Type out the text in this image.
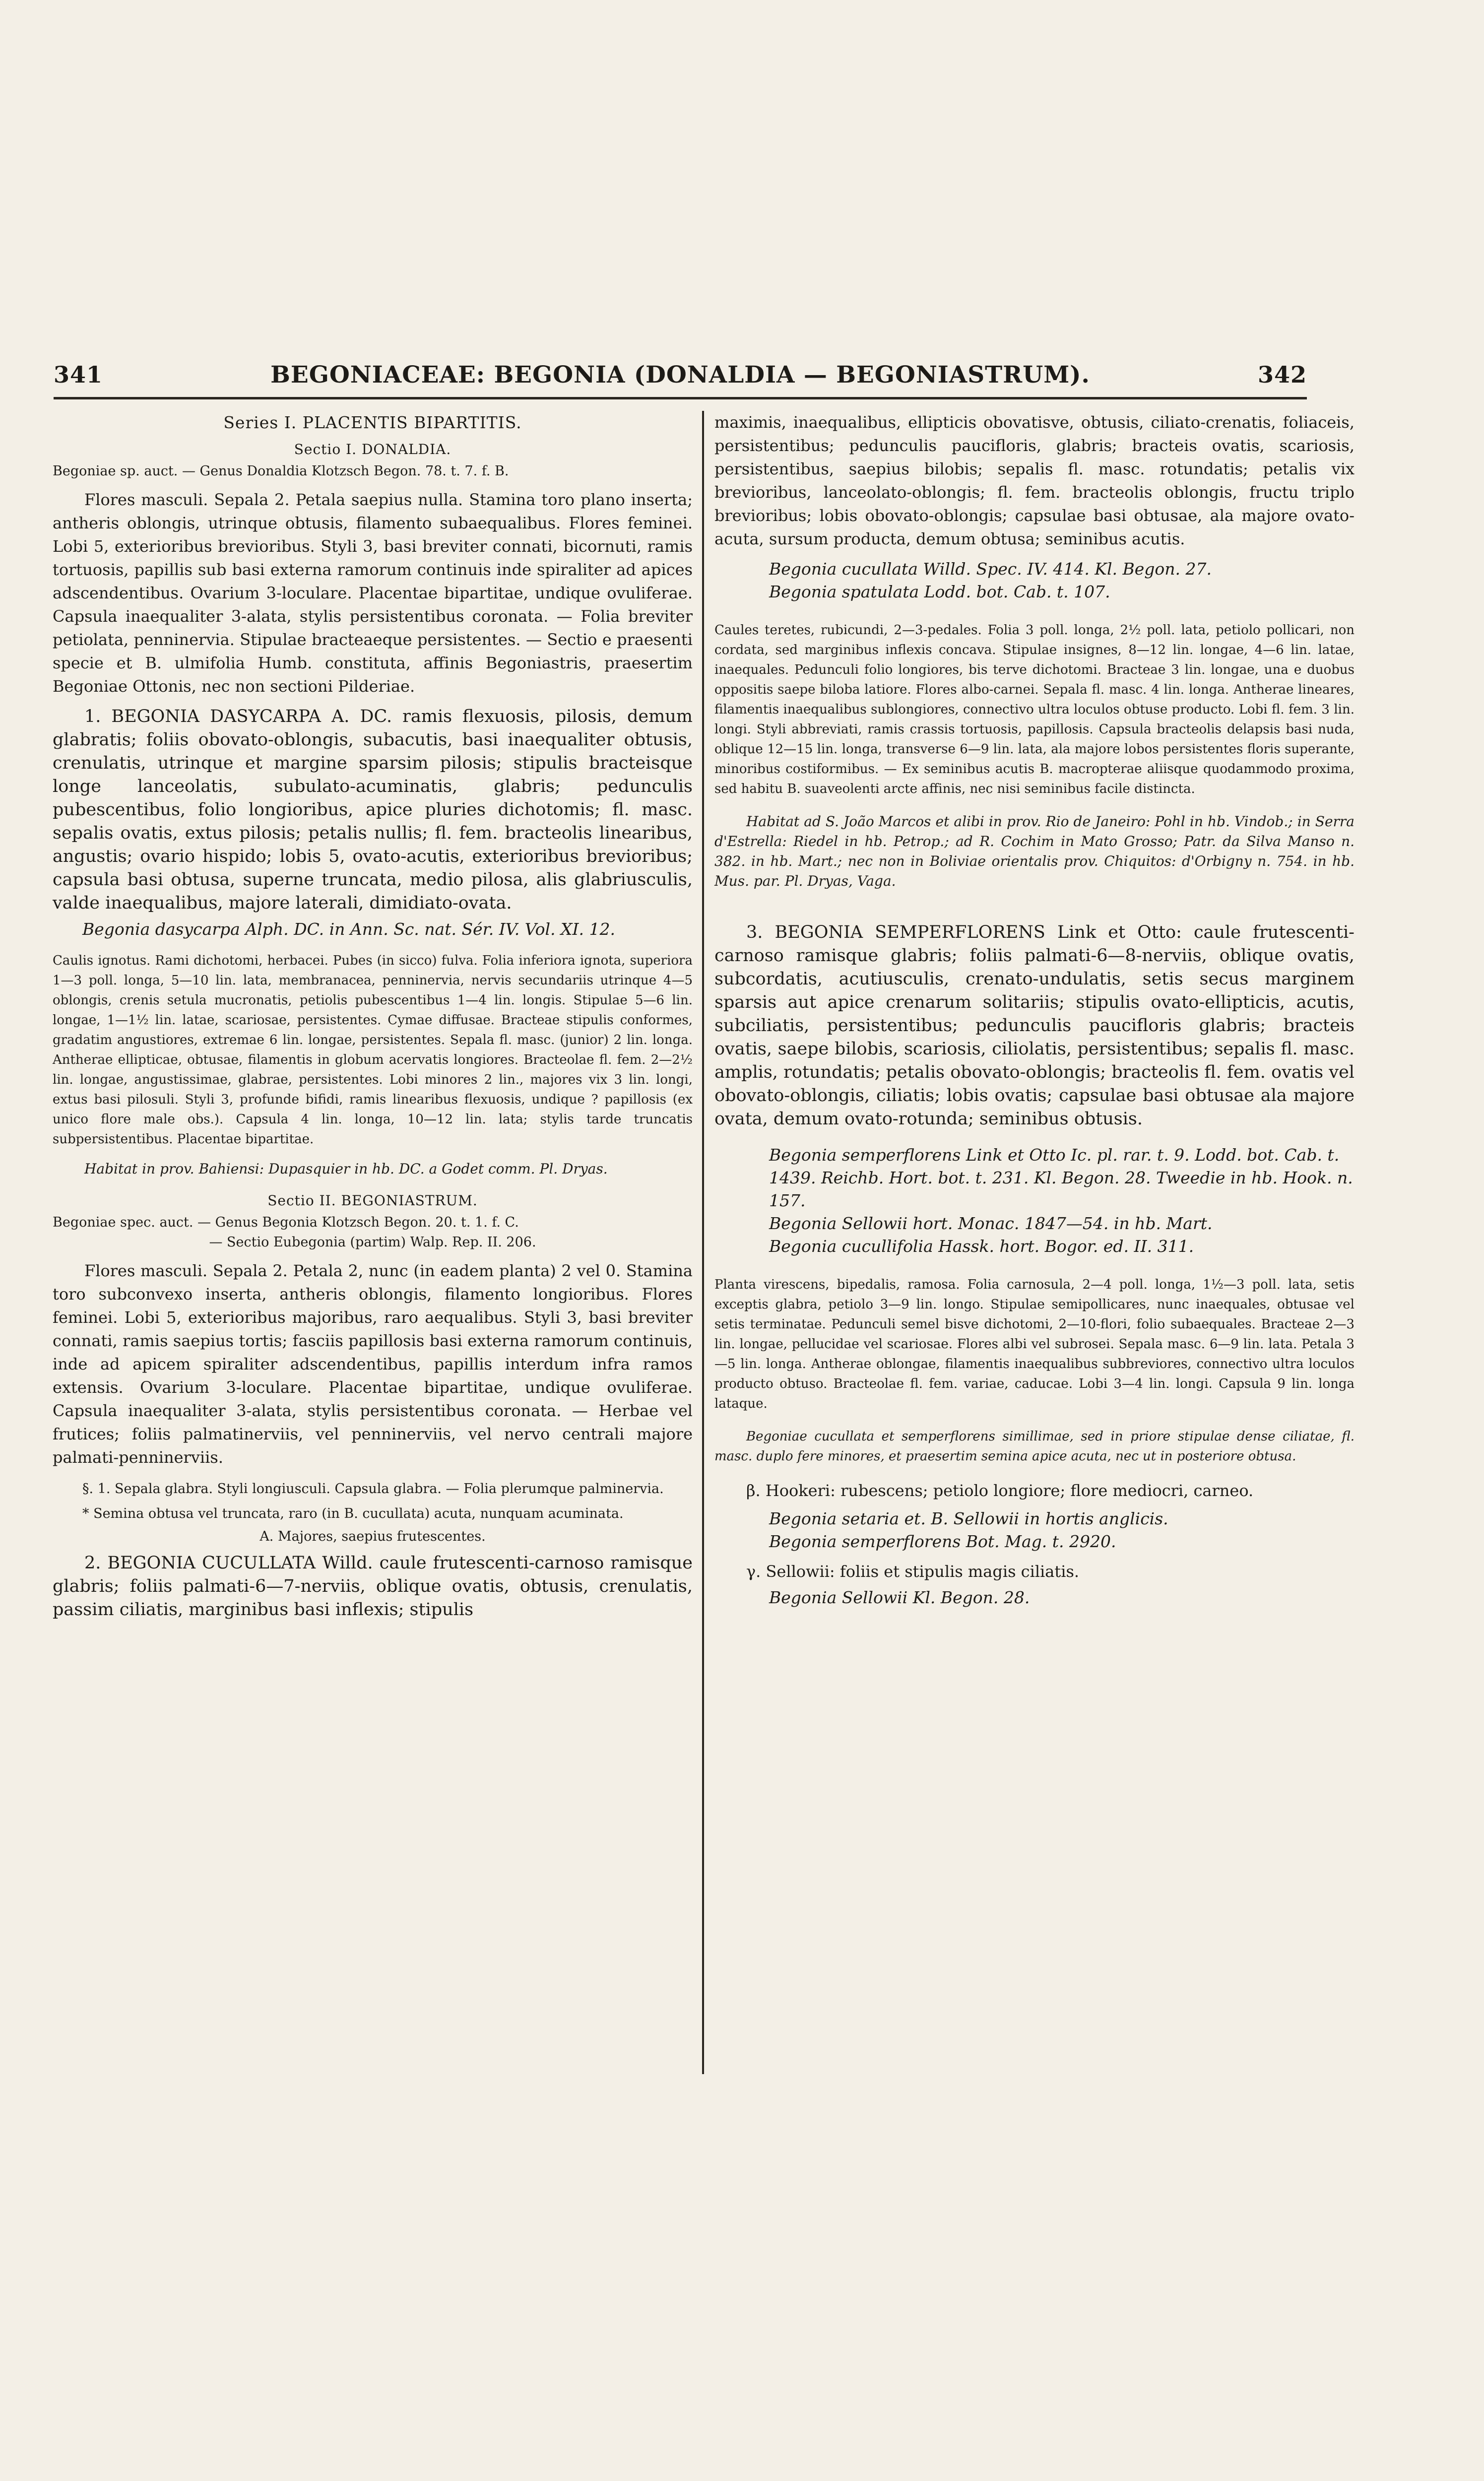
341	BEGONIACEAE: BEGONIA (DONALDIA — BEGONIASTRUM).	342

Series I. PLACENTIS BIPARTITIS.

Sectio I. DONALDIA.

Begoniae sp. auct. — Genus Donaldia Klotzsch Begon. 78. t. 7. f. B.

Flores masculi. Sepala 2. Petala saepius nulla. Stamina toro plano inserta; antheris oblongis, utrinque obtusis, filamento subaequalibus. Flores feminei. Lobi 5, exterioribus brevioribus. Styli 3, basi breviter connati, bicornuti, ramis tortuosis, papillis sub basi externa ramorum continuis inde spiraliter ad apices adscendentibus. Ovarium 3-loculare. Placentae bipartitae, undique ovuliferae. Capsula inaequaliter 3-alata, stylis persistentibus coronata. — Folia breviter petiolata, penninervia. Stipulae bracteaeque persistentes. — Sectio e praesenti specie et B. ulmifolia Humb. constituta, affinis Begoniastris, praesertim Begoniae Ottonis, nec non sectioni Pilderiae.

1. BEGONIA DASYCARPA A. DC. ramis flexuosis, pilosis, demum glabratis; foliis obovato-oblongis, subacutis, basi inaequaliter obtusis, crenulatis, utrinque et margine sparsim pilosis; stipulis bracteisque longe lanceolatis, subulato-acuminatis, glabris; pedunculis pubescentibus, folio longioribus, apice pluries dichotomis; fl. masc. sepalis ovatis, extus pilosis; petalis nullis; fl. fem. bracteolis linearibus, angustis; ovario hispido; lobis 5, ovato-acutis, exterioribus brevioribus; capsula basi obtusa, superne truncata, medio pilosa, alis glabriusculis, valde inaequalibus, majore laterali, dimidiato-ovata.

Begonia dasycarpa Alph. DC. in Ann. Sc. nat. Sér. IV. Vol. XI. 12.

Caulis ignotus. Rami dichotomi, herbacei. Pubes (in sicco) fulva. Folia inferiora ignota, superiora 1—3 poll. longa, 5—10 lin. lata, membranacea, penninervia, nervis secundariis utrinque 4—5 oblongis, crenis setula mucronatis, petiolis pubescentibus 1—4 lin. longis. Stipulae 5—6 lin. longae, 1—1½ lin. latae, scariosae, persistentes. Cymae diffusae. Bracteae stipulis conformes, gradatim angustiores, extremae 6 lin. longae, persistentes. Sepala fl. masc. (junior) 2 lin. longa. Antherae ellipticae, obtusae, filamentis in globum acervatis longiores. Bracteolae fl. fem. 2—2½ lin. longae, angustissimae, glabrae, persistentes. Lobi minores 2 lin., majores vix 3 lin. longi, extus basi pilosuli. Styli 3, profunde bifidi, ramis linearibus flexuosis, undique ? papillosis (ex unico flore male obs.). Capsula 4 lin. longa, 10—12 lin. lata; stylis tarde truncatis subpersistentibus. Placentae bipartitae.

Habitat in prov. Bahiensi: Dupasquier in hb. DC. a Godet comm. Pl. Dryas.

Sectio II. BEGONIASTRUM.

Begoniae spec. auct. — Genus Begonia Klotzsch Begon. 20. t. 1. f. C.

— Sectio Eubegonia (partim) Walp. Rep. II. 206.

Flores masculi. Sepala 2. Petala 2, nunc (in eadem planta) 2 vel 0. Stamina toro subconvexo inserta, antheris oblongis, filamento longioribus. Flores feminei. Lobi 5, exterioribus majoribus, raro aequalibus. Styli 3, basi breviter connati, ramis saepius tortis; fasciis papillosis basi externa ramorum continuis, inde ad apicem spiraliter adscendentibus, papillis interdum infra ramos extensis. Ovarium 3-loculare. Placentae bipartitae, undique ovuliferae. Capsula inaequaliter 3-alata, stylis persistentibus coronata. — Herbae vel frutices; foliis palmatinerviis, vel penninerviis, vel nervo centrali majore palmati-penninerviis.

§. 1. Sepala glabra. Styli longiusculi. Capsula glabra. — Folia plerumque palminervia.

* Semina obtusa vel truncata, raro (in B. cucullata) acuta, nunquam acuminata.

A. Majores, saepius frutescentes.

2. BEGONIA CUCULLATA Willd. caule frutescenti-carnoso ramisque glabris; foliis palmati-6—7-nerviis, oblique ovatis, obtusis, crenulatis, passim ciliatis, marginibus basi inflexis; stipulis

maximis, inaequalibus, ellipticis obovatisve, obtusis, ciliato-crenatis, foliaceis, persistentibus; pedunculis paucifloris, glabris; bracteis ovatis, scariosis, persistentibus, saepius bilobis; sepalis fl. masc. rotundatis; petalis vix brevioribus, lanceolato-oblongis; fl. fem. bracteolis oblongis, fructu triplo brevioribus; lobis obovato-oblongis; capsulae basi obtusae, ala majore ovato-acuta, sursum producta, demum obtusa; seminibus acutis.

Begonia cucullata Willd. Spec. IV. 414. Kl. Begon. 27.

Begonia spatulata Lodd. bot. Cab. t. 107.

Caules teretes, rubicundi, 2—3-pedales. Folia 3 poll. longa, 2½ poll. lata, petiolo pollicari, non cordata, sed marginibus inflexis concava. Stipulae insignes, 8—12 lin. longae, 4—6 lin. latae, inaequales. Pedunculi folio longiores, bis terve dichotomi. Bracteae 3 lin. longae, una e duobus oppositis saepe biloba latiore. Flores albo-carnei. Sepala fl. masc. 4 lin. longa. Antherae lineares, filamentis inaequalibus sublongiores, connectivo ultra loculos obtuse producto. Lobi fl. fem. 3 lin. longi. Styli abbreviati, ramis crassis tortuosis, papillosis. Capsula bracteolis delapsis basi nuda, oblique 12—15 lin. longa, transverse 6—9 lin. lata, ala majore lobos persistentes floris superante, minoribus costiformibus. — Ex seminibus acutis B. macropterae aliisque quodammodo proxima, sed habitu B. suaveolenti arcte affinis, nec nisi seminibus facile distincta.

Habitat ad S. João Marcos et alibi in prov. Rio de Janeiro: Pohl in hb. Vindob.; in Serra d'Estrella: Riedel in hb. Petrop.; ad R. Cochim in Mato Grosso; Patr. da Silva Manso n. 382. in hb. Mart.; nec non in Boliviae orientalis prov. Chiquitos: d'Orbigny n. 754. in hb. Mus. par. Pl. Dryas, Vaga.

3. BEGONIA SEMPERFLORENS Link et Otto: caule frutescenti-carnoso ramisque glabris; foliis palmati-6—8-nerviis, oblique ovatis, subcordatis, acutiusculis, crenato-undulatis, setis secus marginem sparsis aut apice crenarum solitariis; stipulis ovato-ellipticis, acutis, subciliatis, persistentibus; pedunculis paucifloris glabris; bracteis ovatis, saepe bilobis, scariosis, ciliolatis, persistentibus; sepalis fl. masc. amplis, rotundatis; petalis obovato-oblongis; bracteolis fl. fem. ovatis vel obovato-oblongis, ciliatis; lobis ovatis; capsulae basi obtusae ala majore ovata, demum ovato-rotunda; seminibus obtusis.

Begonia semperflorens Link et Otto Ic. pl. rar. t. 9. Lodd. bot. Cab. t. 1439. Reichb. Hort. bot. t. 231. Kl. Begon. 28. Tweedie in hb. Hook. n. 157.

Begonia Sellowii hort. Monac. 1847—54. in hb. Mart.

Begonia cucullifolia Hassk. hort. Bogor. ed. II. 311.

Planta virescens, bipedalis, ramosa. Folia carnosula, 2—4 poll. longa, 1½—3 poll. lata, setis exceptis glabra, petiolo 3—9 lin. longo. Stipulae semipollicares, nunc inaequales, obtusae vel setis terminatae. Pedunculi semel bisve dichotomi, 2—10-flori, folio subaequales. Bracteae 2—3 lin. longae, pellucidae vel scariosae. Flores albi vel subrosei. Sepala masc. 6—9 lin. lata. Petala 3—5 lin. longa. Antherae oblongae, filamentis inaequalibus subbreviores, connectivo ultra loculos producto obtuso. Bracteolae fl. fem. variae, caducae. Lobi 3—4 lin. longi. Capsula 9 lin. longa lataque.

Begoniae cucullata et semperflorens simillimae, sed in priore stipulae dense ciliatae, fl. masc. duplo fere minores, et praesertim semina apice acuta, nec ut in posteriore obtusa.

β. Hookeri: rubescens; petiolo longiore; flore mediocri, carneo.

Begonia setaria et. B. Sellowii in hortis anglicis.

Begonia semperflorens Bot. Mag. t. 2920.

γ. Sellowii: foliis et stipulis magis ciliatis.

Begonia Sellowii Kl. Begon. 28.
